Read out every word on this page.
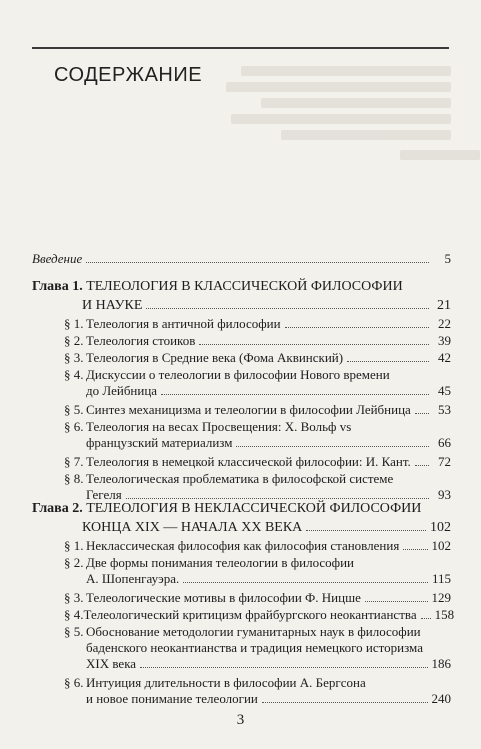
СОДЕРЖАНИЕ
Введение	5
Глава 1. ТЕЛЕОЛОГИЯ В КЛАССИЧЕСКОЙ ФИЛОСОФИИ
И НАУКЕ	21
§ 1. Телеология в античной философии	22
§ 2. Телеология стоиков	39
§ 3. Телеология в Средние века (Фома Аквинский)	42
§ 4. Дискуссии о телеологии в философии Нового времени
до Лейбница	45
§ 5. Синтез механицизма и телеологии в философии Лейбница	53
§ 6. Телеология на весах Просвещения: Х. Вольф vs
французский материализм	66
§ 7. Телеология в немецкой классической философии: И. Кант.	72
§ 8. Телеологическая проблематика в философской системе
Гегеля	93
Глава 2. ТЕЛЕОЛОГИЯ В НЕКЛАССИЧЕСКОЙ ФИЛОСОФИИ
КОНЦА XIX — НАЧАЛА XX ВЕКА	102
§ 1. Неклассическая философия как философия становления 102
§ 2. Две формы понимания телеологии в философии
А. Шопенгауэра.	115
§ 3. Телеологические мотивы в философии Ф. Ницше	129
§ 4. Телеологический критицизм фрайбургского неокантианства 158
§ 5. Обоснование методологии гуманитарных наук в философии
баденского неокантианства и традиция немецкого историзма
XIX века	186
§ 6. Интуиция длительности в философии А. Бергсона
и новое понимание телеологии	240
3
